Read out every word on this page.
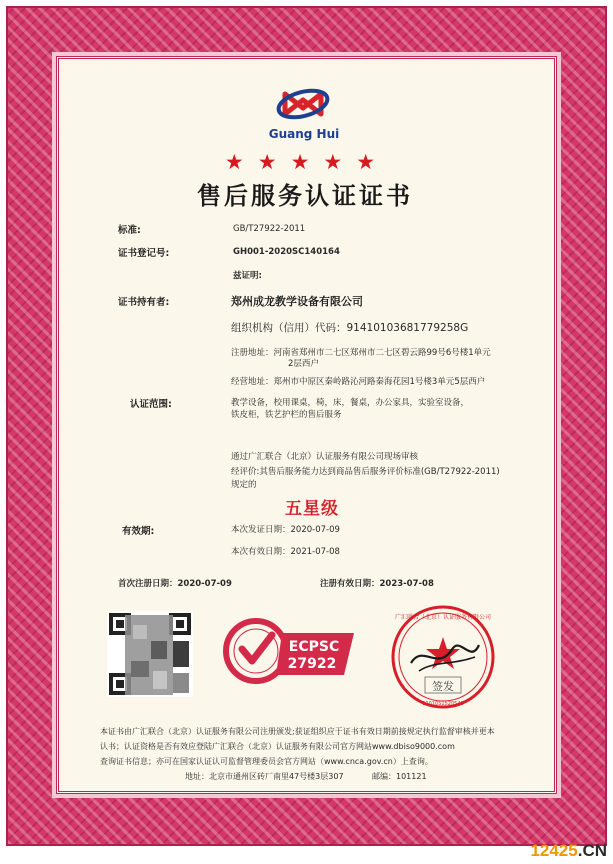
Guang Hui
★★★★★
售后服务认证证书
标准:	GB/T27922-2011
证书登记号:	GH001-2020SC140164
兹证明:
证书持有者:	郑州成龙教学设备有限公司
组织机构（信用）代码：91410103681779258G
注册地址：河南省郑州市二七区郑州市二七区碧云路99号6号楼1单元
2层西户
经营地址：郑州市中原区秦岭路沁河路秦海花园1号楼3单元5层西户
认证范围:	教学设备，校用课桌，椅，床，餐桌，办公家具，实验室设备，
铁皮柜，铁艺护栏的售后服务
通过广汇联合（北京）认证服务有限公司现场审核
经评价:其售后服务能力达到商品售后服务评价标准(GB/T27922-2011)
规定的
五星级
有效期:	本次发证日期：2020-07-09
本次有效日期：2021-07-08
首次注册日期：2020-07-09	注册有效日期：2023-07-08
ECPSC
27922
签发
广汇联合（北京）认证服务有限公司
1101051520549
本证书由广汇联合（北京）认证服务有限公司注册颁发;获证组织应于证书有效日期前接规定执行监督审核并更本
认书；认证资格是否有效应登陆广汇联合（北京）认证服务有限公司官方网站www.dbiso9000.com
查询证书信息；亦可在国家认证认可监督管理委员会官方网站（www.cnca.gov.cn）上查询。
地址：北京市通州区砖厂南里47号楼3层307	邮编：101121
12425.CN
